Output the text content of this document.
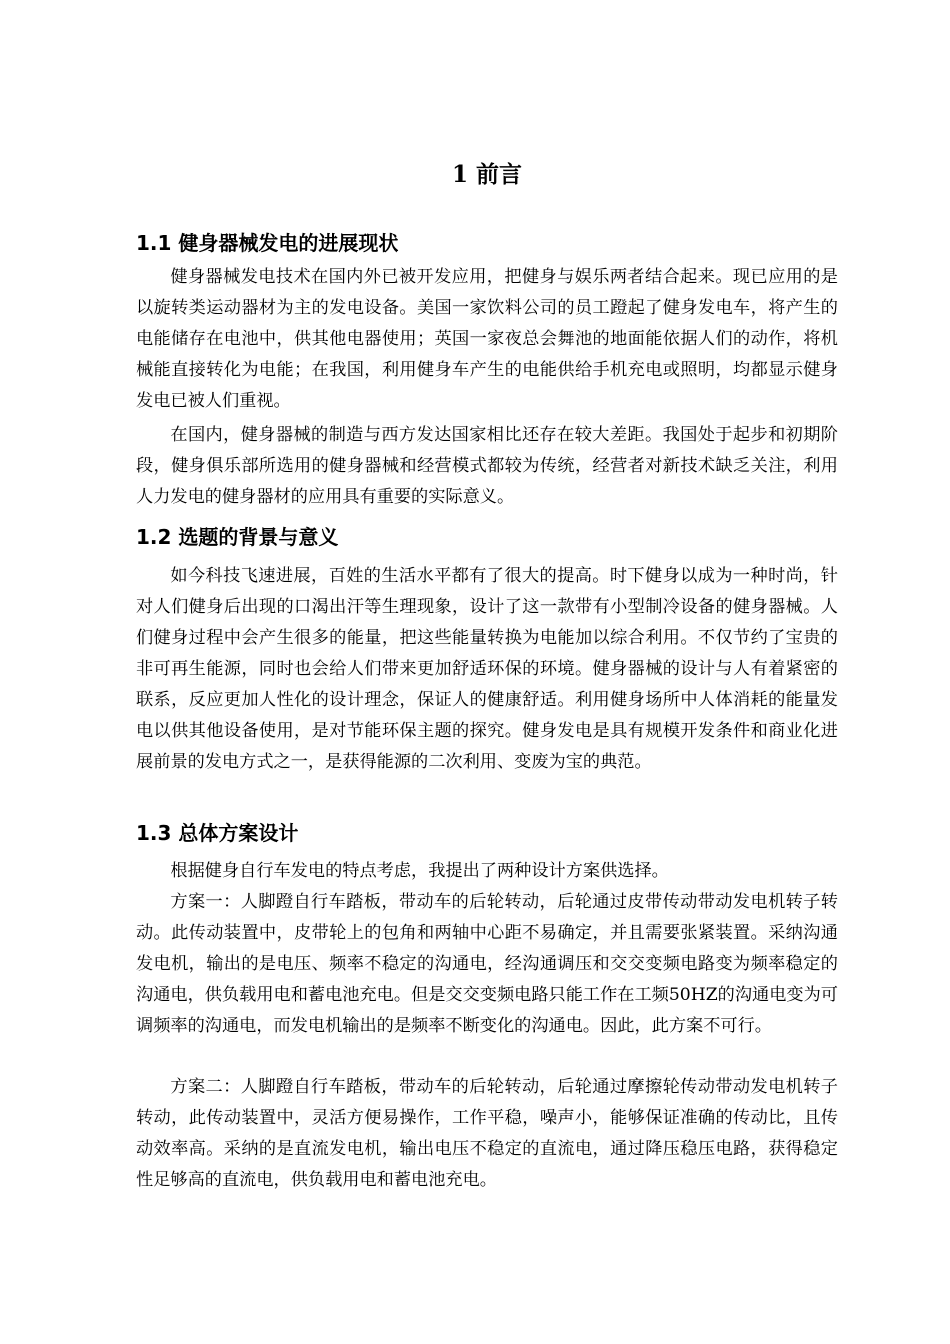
1 前言
1.1 健身器械发电的进展现状

健身器械发电技术在国内外已被开发应用，把健身与娱乐两者结合起来。现已应用的是以旋转类运动器材为主的发电设备。美国一家饮料公司的员工蹬起了健身发电车，将产生的电能储存在电池中，供其他电器使用；英国一家夜总会舞池的地面能依据人们的动作，将机械能直接转化为电能；在我国，利用健身车产生的电能供给手机充电或照明，均都显示健身发电已被人们重视。

在国内，健身器械的制造与西方发达国家相比还存在较大差距。我国处于起步和初期阶段，健身俱乐部所选用的健身器械和经营模式都较为传统，经营者对新技术缺乏关注，利用人力发电的健身器材的应用具有重要的实际意义。

1.2 选题的背景与意义

如今科技飞速进展，百姓的生活水平都有了很大的提高。时下健身以成为一种时尚，针对人们健身后出现的口渴出汗等生理现象，设计了这一款带有小型制冷设备的健身器械。人们健身过程中会产生很多的能量，把这些能量转换为电能加以综合利用。不仅节约了宝贵的非可再生能源，同时也会给人们带来更加舒适环保的环境。健身器械的设计与人有着紧密的联系，反应更加人性化的设计理念，保证人的健康舒适。利用健身场所中人体消耗的能量发电以供其他设备使用，是对节能环保主题的探究。健身发电是具有规模开发条件和商业化进展前景的发电方式之一，是获得能源的二次利用、变废为宝的典范。

1.3 总体方案设计

根据健身自行车发电的特点考虑，我提出了两种设计方案供选择。

方案一：人脚蹬自行车踏板，带动车的后轮转动，后轮通过皮带传动带动发电机转子转动。此传动装置中，皮带轮上的包角和两轴中心距不易确定，并且需要张紧装置。采纳沟通发电机，输出的是电压、频率不稳定的沟通电，经沟通调压和交交变频电路变为频率稳定的沟通电，供负载用电和蓄电池充电。但是交交变频电路只能工作在工频50HZ的沟通电变为可调频率的沟通电，而发电机输出的是频率不断变化的沟通电。因此，此方案不可行。

方案二：人脚蹬自行车踏板，带动车的后轮转动，后轮通过摩擦轮传动带动发电机转子转动，此传动装置中，灵活方便易操作，工作平稳，噪声小，能够保证准确的传动比，且传动效率高。采纳的是直流发电机，输出电压不稳定的直流电，通过降压稳压电路，获得稳定性足够高的直流电，供负载用电和蓄电池充电。
